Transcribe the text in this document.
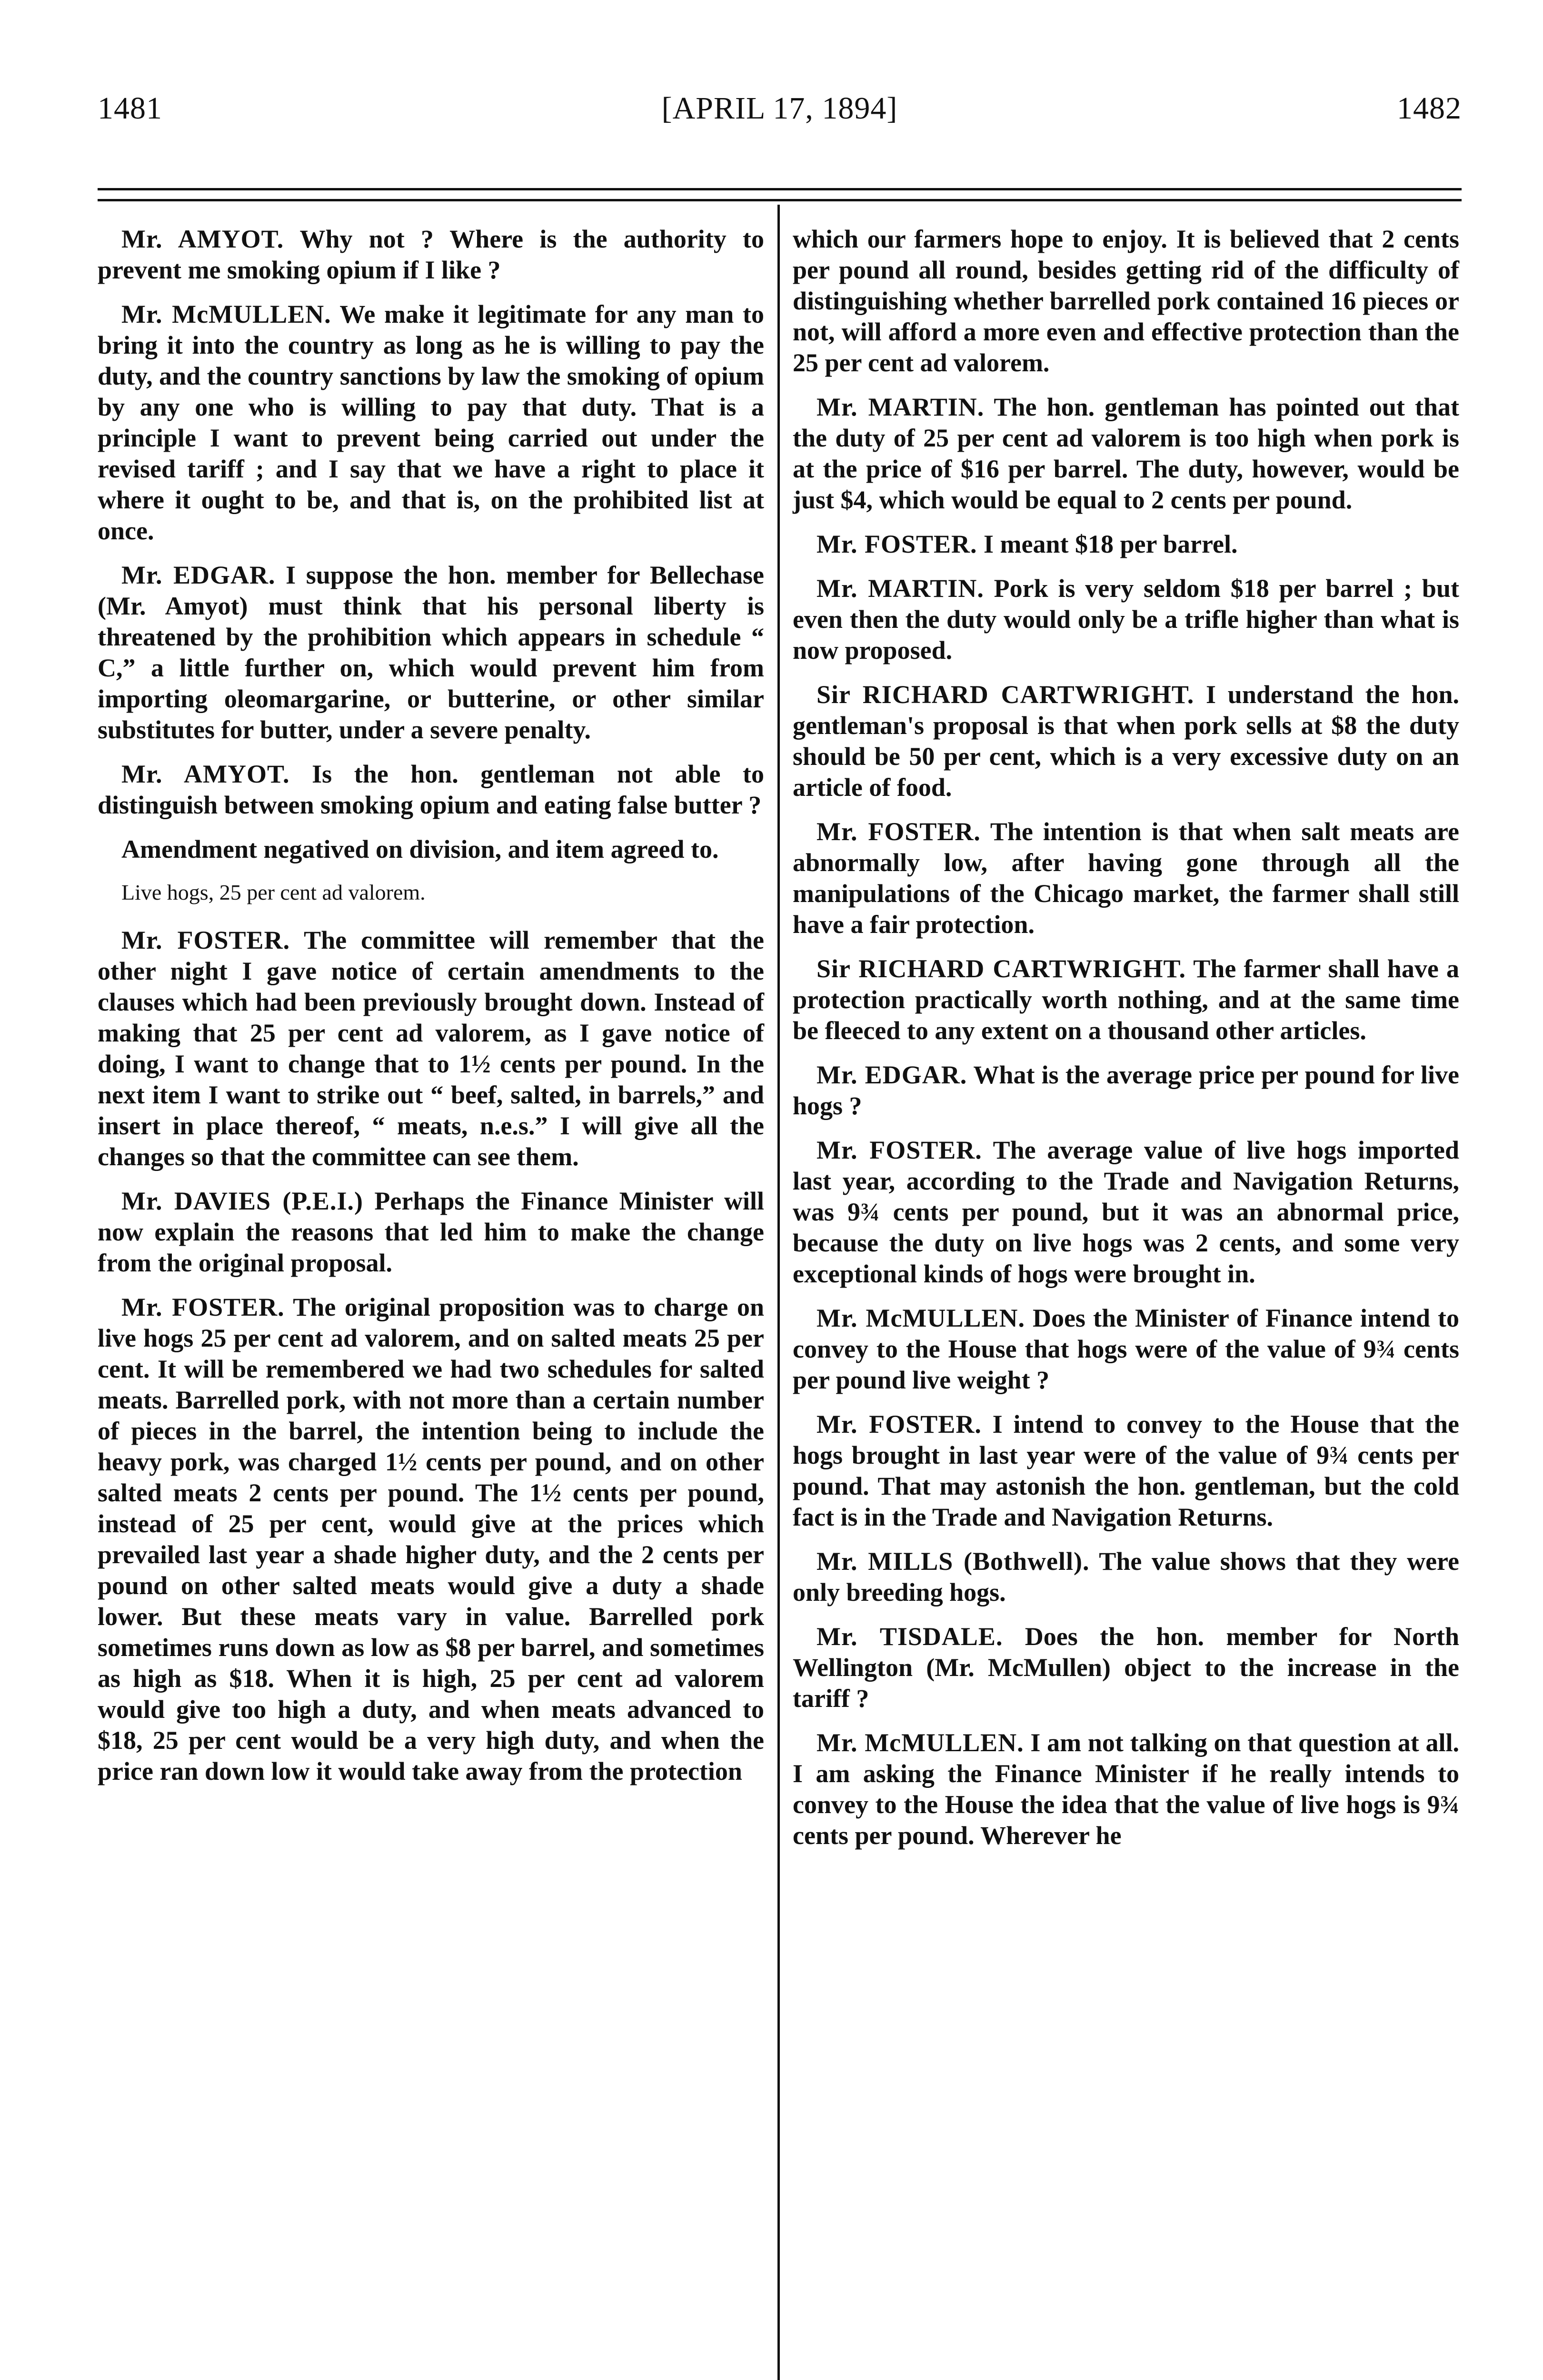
1481	[APRIL 17, 1894]	1482

Mr. AMYOT. Why not ? Where is the authority to prevent me smoking opium if I like ?

Mr. McMULLEN. We make it legitimate for any man to bring it into the country as long as he is willing to pay the duty, and the country sanctions by law the smoking of opium by any one who is willing to pay that duty. That is a principle I want to prevent being carried out under the revised tariff ; and I say that we have a right to place it where it ought to be, and that is, on the prohibited list at once.

Mr. EDGAR. I suppose the hon. member for Bellechase (Mr. Amyot) must think that his personal liberty is threatened by the prohibition which appears in schedule “ C,” a little further on, which would prevent him from importing oleomargarine, or butterine, or other similar substitutes for butter, under a severe penalty.

Mr. AMYOT. Is the hon. gentleman not able to distinguish between smoking opium and eating false butter ?

Amendment negatived on division, and item agreed to.

Live hogs, 25 per cent ad valorem.

Mr. FOSTER. The committee will remember that the other night I gave notice of certain amendments to the clauses which had been previously brought down. Instead of making that 25 per cent ad valorem, as I gave notice of doing, I want to change that to 1½ cents per pound. In the next item I want to strike out “ beef, salted, in barrels,” and insert in place thereof, “ meats, n.e.s.” I will give all the changes so that the committee can see them.

Mr. DAVIES (P.E.I.) Perhaps the Finance Minister will now explain the reasons that led him to make the change from the original proposal.

Mr. FOSTER. The original proposition was to charge on live hogs 25 per cent ad valorem, and on salted meats 25 per cent. It will be remembered we had two schedules for salted meats. Barrelled pork, with not more than a certain number of pieces in the barrel, the intention being to include the heavy pork, was charged 1½ cents per pound, and on other salted meats 2 cents per pound. The 1½ cents per pound, instead of 25 per cent, would give at the prices which prevailed last year a shade higher duty, and the 2 cents per pound on other salted meats would give a duty a shade lower. But these meats vary in value. Barrelled pork sometimes runs down as low as $8 per barrel, and sometimes as high as $18. When it is high, 25 per cent ad valorem would give too high a duty, and when meats advanced to $18, 25 per cent would be a very high duty, and when the price ran down low it would take away from the protection

which our farmers hope to enjoy. It is believed that 2 cents per pound all round, besides getting rid of the difficulty of distinguishing whether barrelled pork contained 16 pieces or not, will afford a more even and effective protection than the 25 per cent ad valorem.

Mr. MARTIN. The hon. gentleman has pointed out that the duty of 25 per cent ad valorem is too high when pork is at the price of $16 per barrel. The duty, however, would be just $4, which would be equal to 2 cents per pound.

Mr. FOSTER. I meant $18 per barrel.

Mr. MARTIN. Pork is very seldom $18 per barrel ; but even then the duty would only be a trifle higher than what is now proposed.

Sir RICHARD CARTWRIGHT. I understand the hon. gentleman's proposal is that when pork sells at $8 the duty should be 50 per cent, which is a very excessive duty on an article of food.

Mr. FOSTER. The intention is that when salt meats are abnormally low, after having gone through all the manipulations of the Chicago market, the farmer shall still have a fair protection.

Sir RICHARD CARTWRIGHT. The farmer shall have a protection practically worth nothing, and at the same time be fleeced to any extent on a thousand other articles.

Mr. EDGAR. What is the average price per pound for live hogs ?

Mr. FOSTER. The average value of live hogs imported last year, according to the Trade and Navigation Returns, was 9¾ cents per pound, but it was an abnormal price, because the duty on live hogs was 2 cents, and some very exceptional kinds of hogs were brought in.

Mr. McMULLEN. Does the Minister of Finance intend to convey to the House that hogs were of the value of 9¾ cents per pound live weight ?

Mr. FOSTER. I intend to convey to the House that the hogs brought in last year were of the value of 9¾ cents per pound. That may astonish the hon. gentleman, but the cold fact is in the Trade and Navigation Returns.

Mr. MILLS (Bothwell). The value shows that they were only breeding hogs.

Mr. TISDALE. Does the hon. member for North Wellington (Mr. McMullen) object to the increase in the tariff ?

Mr. McMULLEN. I am not talking on that question at all. I am asking the Finance Minister if he really intends to convey to the House the idea that the value of live hogs is 9¾ cents per pound. Wherever he
